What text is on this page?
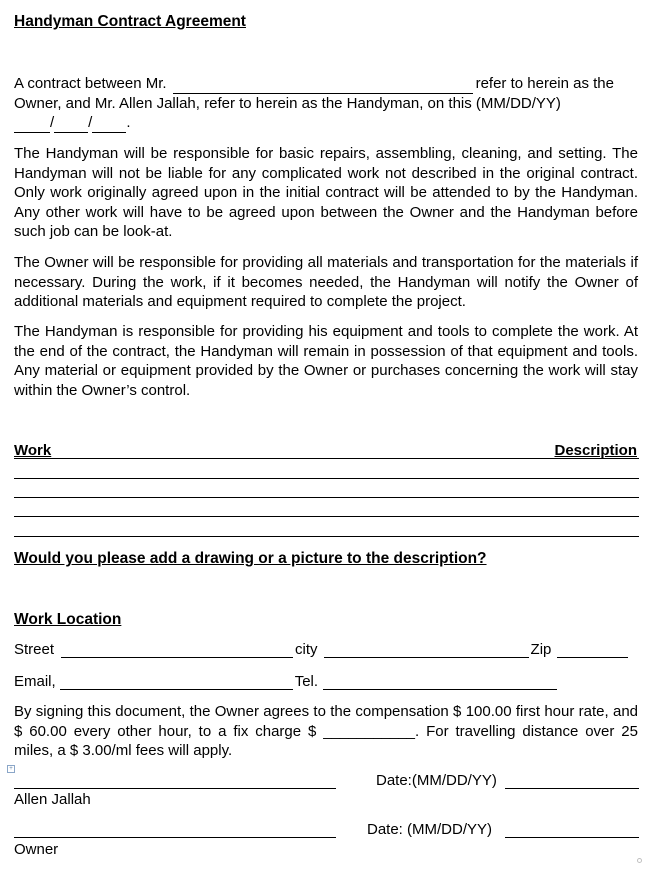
Handyman Contract Agreement
A contract between Mr.	refer to herein as the
Owner, and Mr. Allen Jallah, refer to herein as the Handyman, on this (MM/DD/YY)
/ / .
The Handyman will be responsible for basic repairs, assembling, cleaning, and setting. The Handyman will not be liable for any complicated work not described in the original contract. Only work originally agreed upon in the initial contract will be attended to by the Handyman. Any other work will have to be agreed upon between the Owner and the Handyman before such job can be look-at.
The Owner will be responsible for providing all materials and transportation for the materials if necessary. During the work, if it becomes needed, the Handyman will notify the Owner of additional materials and equipment required to complete the project.
The Handyman is responsible for providing his equipment and tools to complete the work. At the end of the contract, the Handyman will remain in possession of that equipment and tools. Any material or equipment provided by the Owner or purchases concerning the work will stay within the Owner’s control.
Work	Description
Would you please add a drawing or a picture to the description?
Work Location
Street	city	Zip
Email,	Tel.
By signing this document, the Owner agrees to the compensation $ 100.00 first hour rate, and $ 60.00 every other hour, to a fix charge $ ___________. For travelling distance over 25 miles, a $ 3.00/ml fees will apply.
+
Allen Jallah
Date:(MM/DD/YY)
Owner
Date: (MM/DD/YY)
